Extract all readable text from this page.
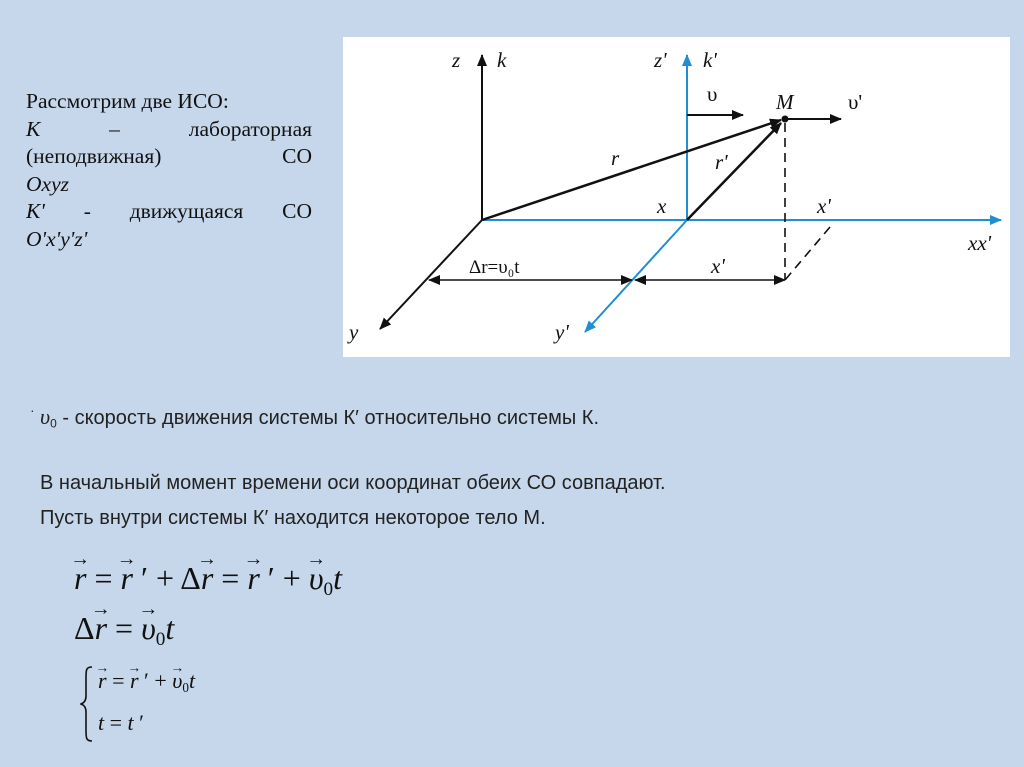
Рассмотрим две ИСО:
К	–	лабораторная
(неподвижная)	СО
Oxyz
К' - движущаяся СО
O'x'y'z'
z k	z' k'
υ	M	υ'
r	r'
x	x'
xx'
Δr=υ₀t	x'
y	y'
· $\upsilon_0$ - скорость движения системы К′ относительно системы К.
В начальный момент времени оси координат обеих СО совпадают.
Пусть внутри системы К′ находится некоторое тело М.
→ r = → r ′ + Δ→ r = → r ′ + → $\upsilon_0t$
Δ→ r = → $\upsilon_0t$
→ r = → r ′ + → $\upsilon_0t$
t = t ′
